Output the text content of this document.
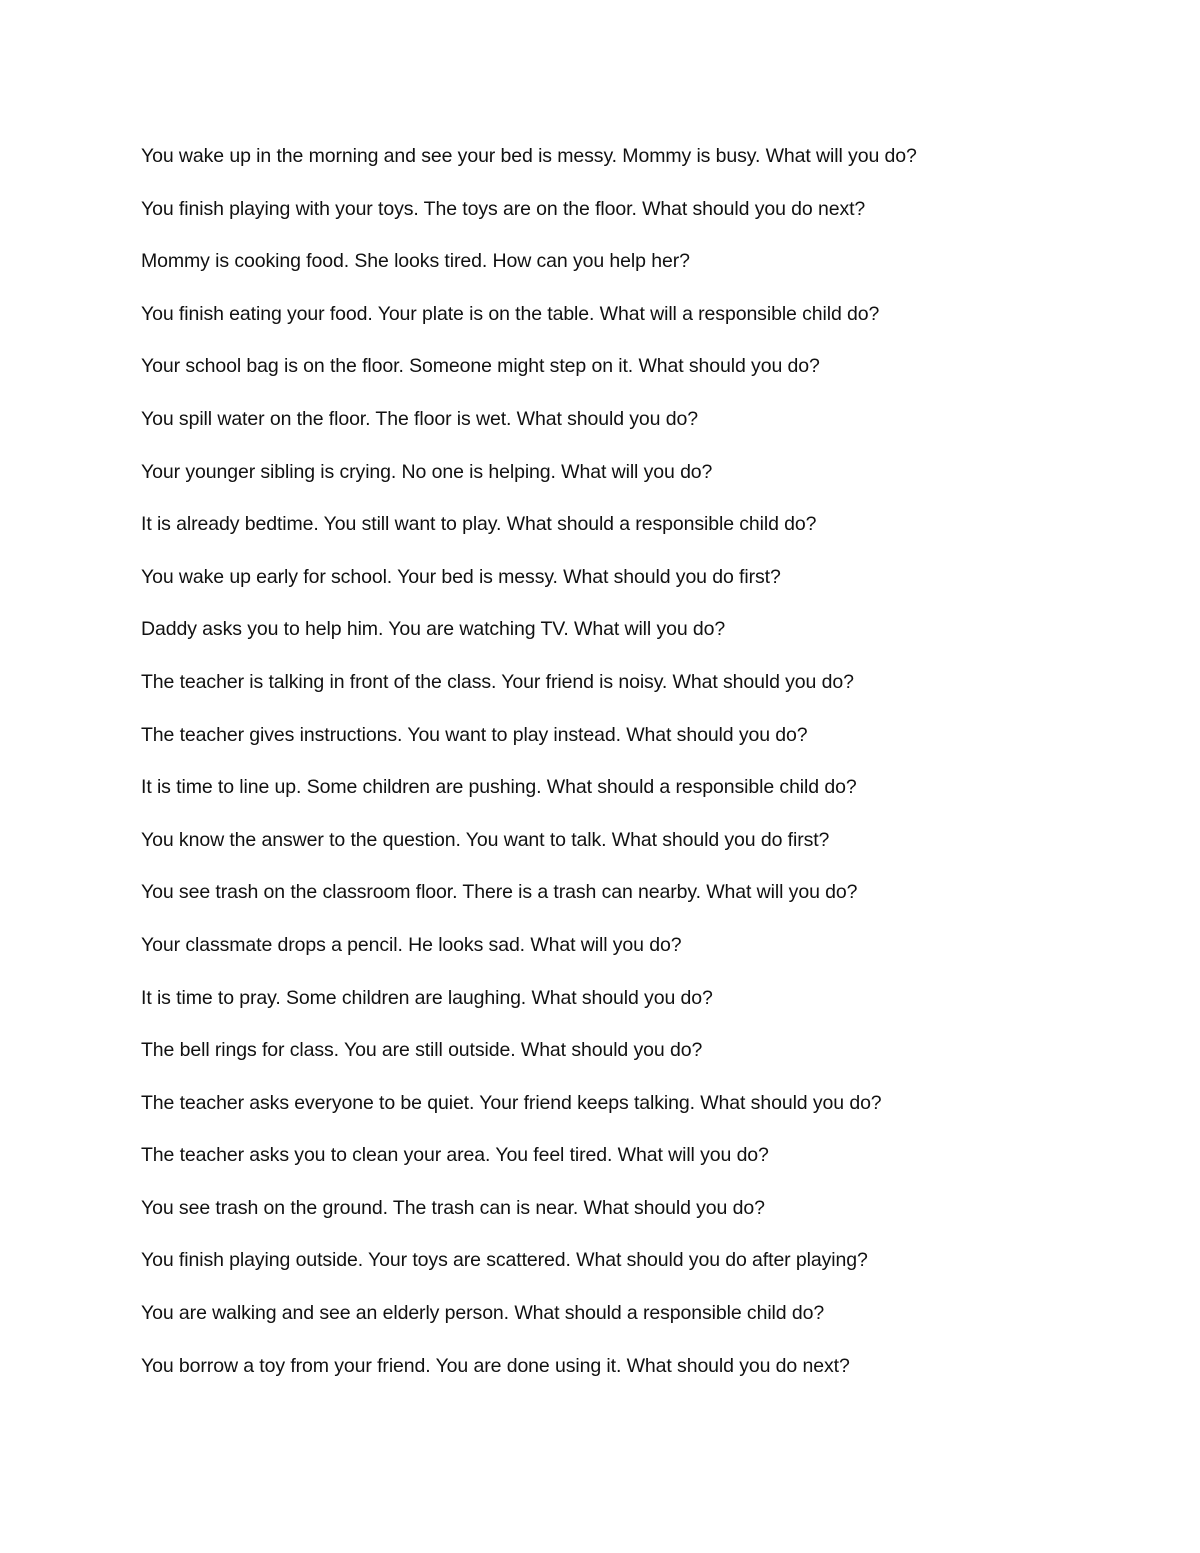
You wake up in the morning and see your bed is messy. Mommy is busy. What will you do?
You finish playing with your toys. The toys are on the floor. What should you do next?
Mommy is cooking food. She looks tired. How can you help her?
You finish eating your food. Your plate is on the table. What will a responsible child do?
Your school bag is on the floor. Someone might step on it. What should you do?
You spill water on the floor. The floor is wet. What should you do?
Your younger sibling is crying. No one is helping. What will you do?
It is already bedtime. You still want to play. What should a responsible child do?
You wake up early for school. Your bed is messy. What should you do first?
Daddy asks you to help him. You are watching TV. What will you do?
The teacher is talking in front of the class. Your friend is noisy. What should you do?
The teacher gives instructions. You want to play instead. What should you do?
It is time to line up. Some children are pushing. What should a responsible child do?
You know the answer to the question. You want to talk. What should you do first?
You see trash on the classroom floor. There is a trash can nearby. What will you do?
Your classmate drops a pencil. He looks sad. What will you do?
It is time to pray. Some children are laughing. What should you do?
The bell rings for class. You are still outside. What should you do?
The teacher asks everyone to be quiet. Your friend keeps talking. What should you do?
The teacher asks you to clean your area. You feel tired. What will you do?
You see trash on the ground. The trash can is near. What should you do?
You finish playing outside. Your toys are scattered. What should you do after playing?
You are walking and see an elderly person. What should a responsible child do?
You borrow a toy from your friend. You are done using it. What should you do next?
